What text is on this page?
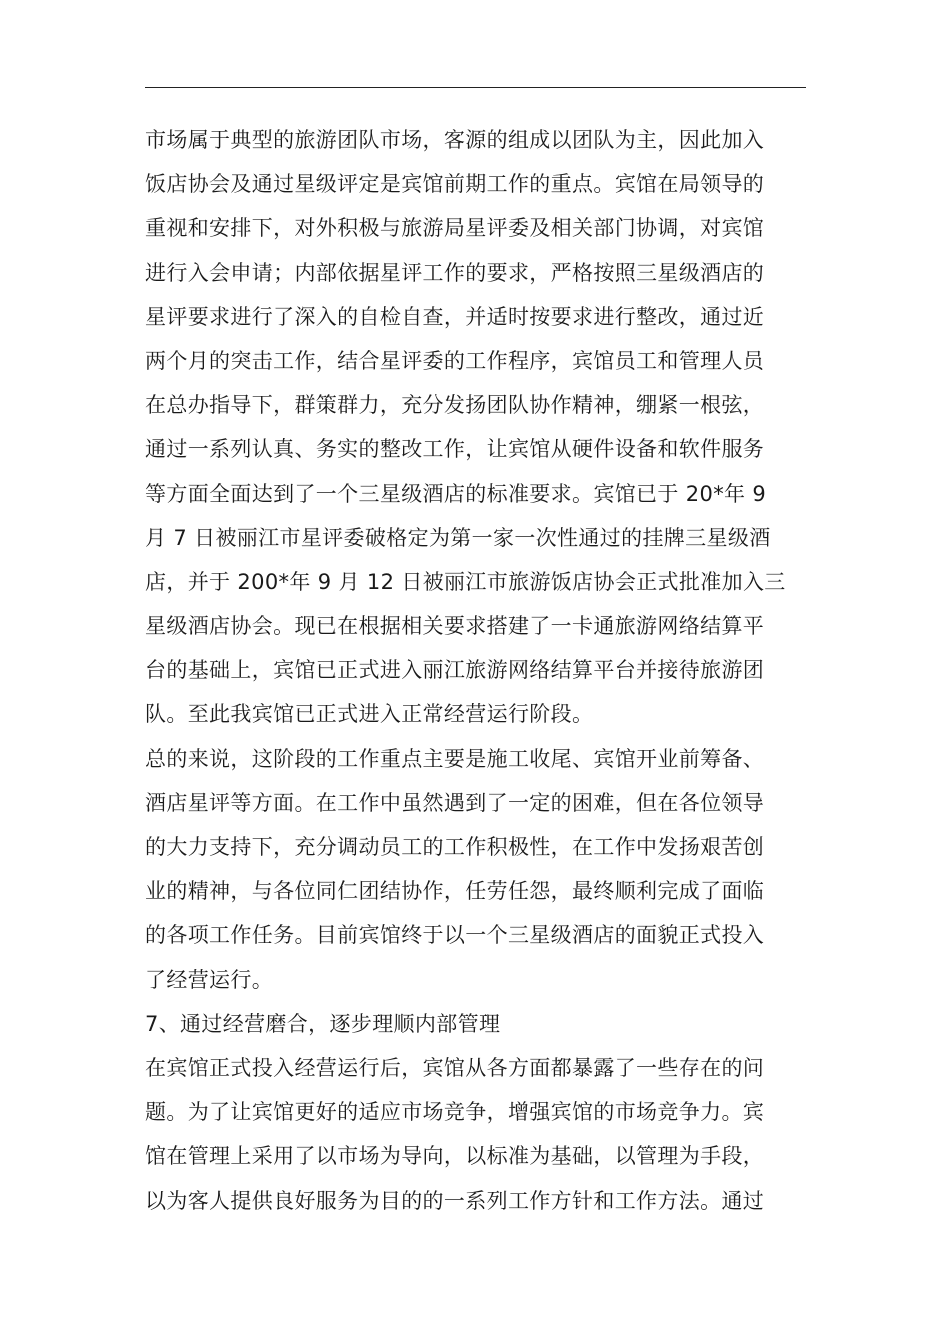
市场属于典型的旅游团队市场，客源的组成以团队为主，因此加入
饭店协会及通过星级评定是宾馆前期工作的重点。宾馆在局领导的
重视和安排下，对外积极与旅游局星评委及相关部门协调，对宾馆
进行入会申请；内部依据星评工作的要求，严格按照三星级酒店的
星评要求进行了深入的自检自查，并适时按要求进行整改，通过近
两个月的突击工作，结合星评委的工作程序，宾馆员工和管理人员
在总办指导下，群策群力，充分发扬团队协作精神，绷紧一根弦，
通过一系列认真、务实的整改工作，让宾馆从硬件设备和软件服务
等方面全面达到了一个三星级酒店的标准要求。宾馆已于 20*年 9
月 7 日被丽江市星评委破格定为第一家一次性通过的挂牌三星级酒
店，并于 200*年 9 月 12 日被丽江市旅游饭店协会正式批准加入三
星级酒店协会。现已在根据相关要求搭建了一卡通旅游网络结算平
台的基础上，宾馆已正式进入丽江旅游网络结算平台并接待旅游团
队。至此我宾馆已正式进入正常经营运行阶段。
总的来说，这阶段的工作重点主要是施工收尾、宾馆开业前筹备、
酒店星评等方面。在工作中虽然遇到了一定的困难，但在各位领导
的大力支持下，充分调动员工的工作积极性，在工作中发扬艰苦创
业的精神，与各位同仁团结协作，任劳任怨，最终顺利完成了面临
的各项工作任务。目前宾馆终于以一个三星级酒店的面貌正式投入
了经营运行。
7、通过经营磨合，逐步理顺内部管理
在宾馆正式投入经营运行后，宾馆从各方面都暴露了一些存在的问
题。为了让宾馆更好的适应市场竞争，增强宾馆的市场竞争力。宾
馆在管理上采用了以市场为导向，以标准为基础，以管理为手段，
以为客人提供良好服务为目的的一系列工作方针和工作方法。通过
